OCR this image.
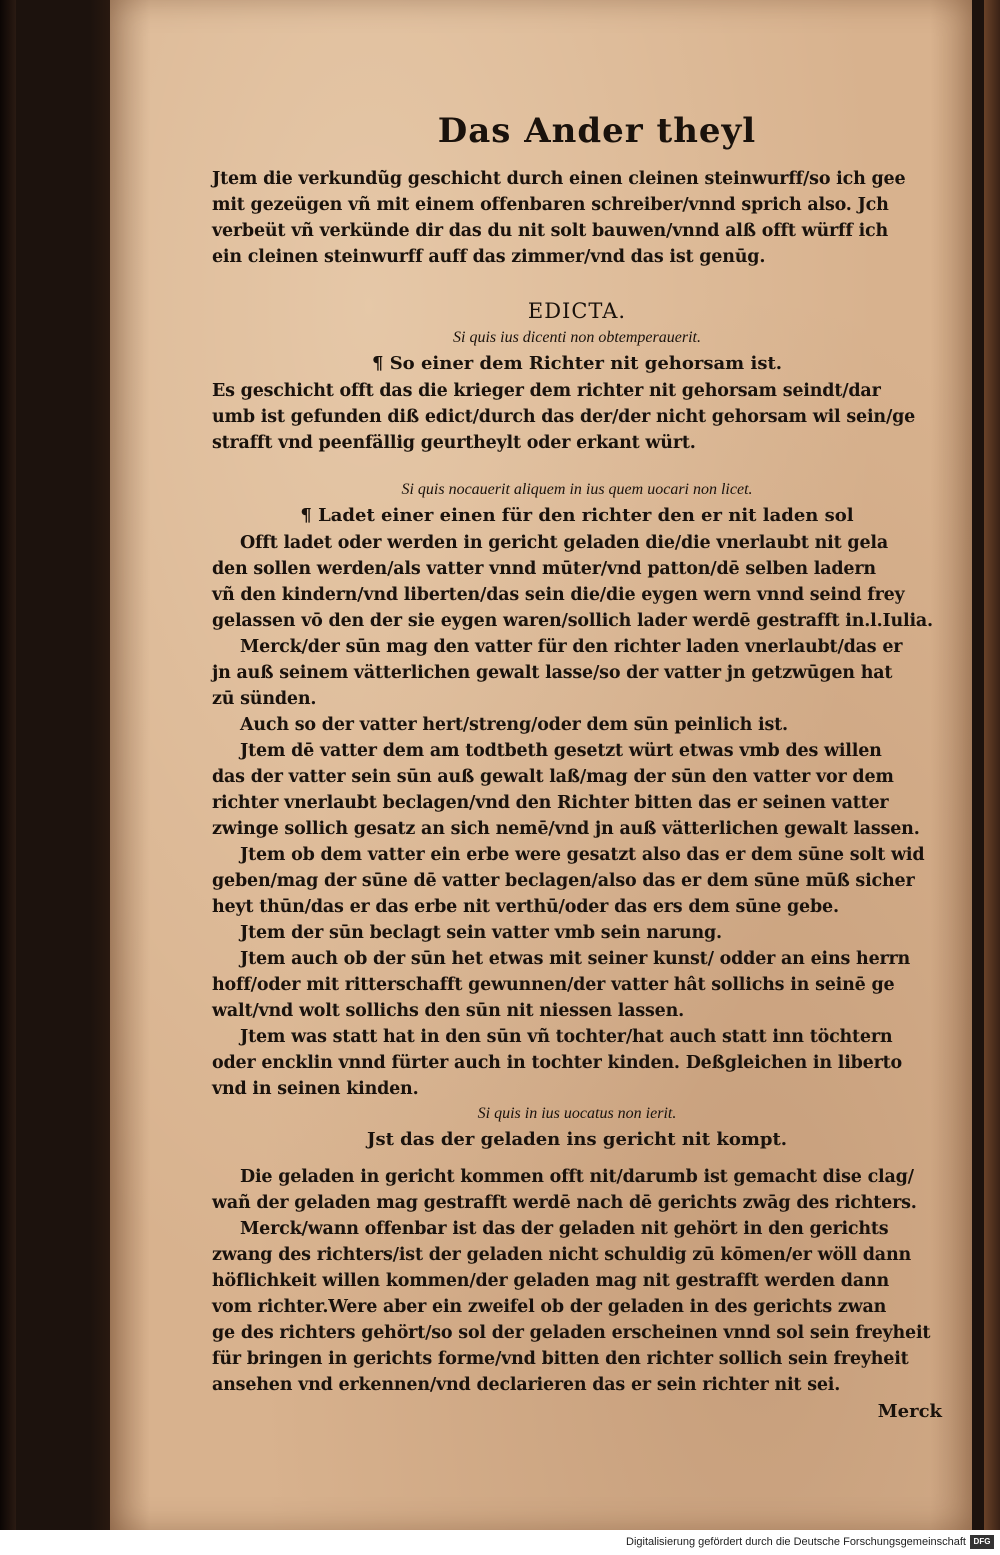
Das Ander theyl
Jtem die verkundũg geschicht durch einen cleinen steinwurff/so ich gee
mit gezeügen vñ mit einem offenbaren schreiber/vnnd sprich also. Jch
verbeüt vñ verkünde dir das du nit solt bauwen/vnnd alß offt würff ich
ein cleinen steinwurff auff das zimmer/vnd das ist genūg.
EDICTA.
Si quis ius dicenti non obtemperauerit.
¶ So einer dem Richter nit gehorsam ist.
Es geschicht offt das die krieger dem richter nit gehorsam seindt/dar
umb ist gefunden diß edict/durch das der/der nicht gehorsam wil sein/ge
strafft vnd peenfällig geurtheylt oder erkant würt.
Si quis nocauerit aliquem in ius quem uocari non licet.
¶ Ladet einer einen für den richter den er nit laden sol
Offt ladet oder werden in gericht geladen die/die vnerlaubt nit gela
den sollen werden/als vatter vnnd mūter/vnd patton/dē selben ladern
vñ den kindern/vnd liberten/das sein die/die eygen wern vnnd seind frey
gelassen vō den der sie eygen waren/sollich lader werdē gestrafft in.l.Iulia.
Merck/der sūn mag den vatter für den richter laden vnerlaubt/das er
jn auß seinem vätterlichen gewalt lasse/so der vatter jn getzwūgen hat
zū sünden.
Auch so der vatter hert/streng/oder dem sūn peinlich ist.
Jtem dē vatter dem am todtbeth gesetzt würt etwas vmb des willen
das der vatter sein sūn auß gewalt laß/mag der sūn den vatter vor dem
richter vnerlaubt beclagen/vnd den Richter bitten das er seinen vatter
zwinge sollich gesatz an sich nemē/vnd jn auß vätterlichen gewalt lassen.
Jtem ob dem vatter ein erbe were gesatzt also das er dem sūne solt wid
geben/mag der sūne dē vatter beclagen/also das er dem sūne mūß sicher
heyt thūn/das er das erbe nit verthū/oder das ers dem sūne gebe.
Jtem der sūn beclagt sein vatter vmb sein narung.
Jtem auch ob der sūn het etwas mit seiner kunst/ odder an eins herrn
hoff/oder mit ritterschafft gewunnen/der vatter hât sollichs in seinē ge
walt/vnd wolt sollichs den sūn nit niessen lassen.
Jtem was statt hat in den sūn vñ tochter/hat auch statt inn töchtern
oder encklin vnnd fürter auch in tochter kinden. Deßgleichen in liberto
vnd in seinen kinden.
Si quis in ius uocatus non ierit.
Jst das der geladen ins gericht nit kompt.
Die geladen in gericht kommen offt nit/darumb ist gemacht dise clag/
wañ der geladen mag gestrafft werdē nach dē gerichts zwāg des richters.
Merck/wann offenbar ist das der geladen nit gehört in den gerichts
zwang des richters/ist der geladen nicht schuldig zū kōmen/er wöll dann
höflichkeit willen kommen/der geladen mag nit gestrafft werden dann
vom richter.Were aber ein zweifel ob der geladen in des gerichts zwan
ge des richters gehört/so sol der geladen erscheinen vnnd sol sein freyheit
für bringen in gerichts forme/vnd bitten den richter sollich sein freyheit
ansehen vnd erkennen/vnd declarieren das er sein richter nit sei.
Merck
Digitalisierung gefördert durch die Deutsche Forschungsgemeinschaft DFG
